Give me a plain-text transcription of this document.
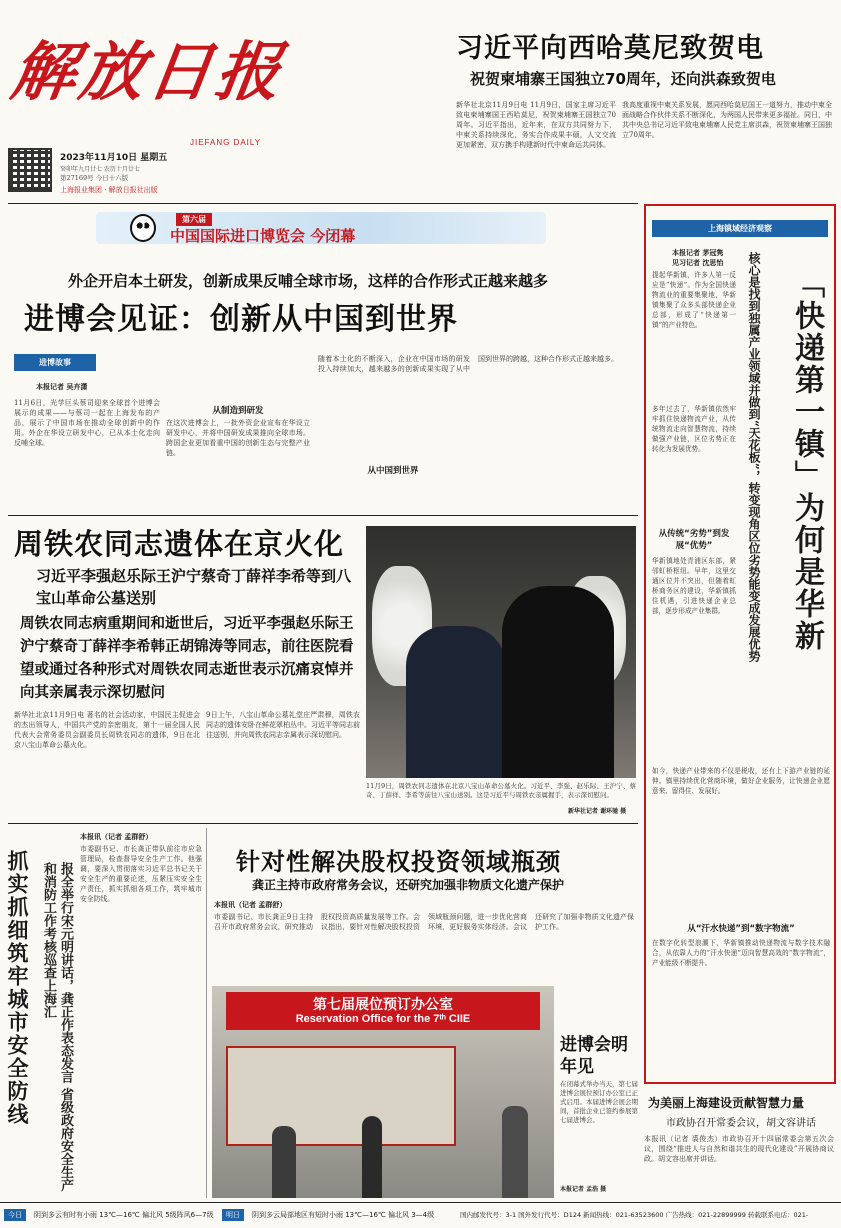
解放日报
JIEFANG DAILY
2023年11月10日 星期五
癸卯年九月廿七 农历十月廿七
第27169号 今日十六版
上海报业集团 · 解放日报社出版
习近平向西哈莫尼致贺电
祝贺柬埔寨王国独立70周年，还向洪森致贺电
新华社北京11月9日电 11月9日，国家主席习近平致电柬埔寨国王西哈莫尼，祝贺柬埔寨王国独立70周年。习近平指出，近年来，在双方共同努力下，中柬关系持续深化，务实合作成果丰硕，人文交流更加紧密，双方携手构建新时代中柬命运共同体。
我高度重视中柬关系发展，愿同西哈莫尼国王一道努力，推动中柬全面战略合作伙伴关系不断深化，为两国人民带来更多福祉。同日，中共中央总书记习近平致电柬埔寨人民党主席洪森，祝贺柬埔寨王国独立70周年。
第六届
中国国际进口博览会 今闭幕
外企开启本土研发，创新成果反哺全球市场，这样的合作形式正越来越多
进博会见证：创新从中国到世界
进博故事
本报记者 吴卉潇
11月6日，光学巨头蔡司迎来全球首个进博会展示的成果——与蔡司一起在上海发布的产品，展示了中国市场在推动全球创新中的作用。外企在华设立研发中心，已从本土化走向反哺全球。
从制造到研发
在这次进博会上，一批外资企业宣布在华设立研发中心，并将中国研发成果推向全球市场。跨国企业更加看重中国的创新生态与完整产业链。
随着本土化的不断深入，企业在中国市场的研发投入持续加大，越来越多的创新成果实现了从中国到世界的跨越，这种合作形式正越来越多。
从中国到世界
周铁农同志遗体在京火化
习近平李强赵乐际王沪宁蔡奇丁薛祥李希等到八宝山革命公墓送别
周铁农同志病重期间和逝世后，习近平李强赵乐际王沪宁蔡奇丁薛祥李希韩正胡锦涛等同志，前往医院看望或通过各种形式对周铁农同志逝世表示沉痛哀悼并向其亲属表示深切慰问
新华社北京11月9日电 著名的社会活动家，中国民主促进会的杰出领导人，中国共产党的亲密朋友，第十一届全国人民代表大会常务委员会副委员长周铁农同志的遗体，9日在北京八宝山革命公墓火化。
9日上午，八宝山革命公墓礼堂庄严肃穆，周铁农同志的遗体安卧在鲜花翠柏丛中。习近平等同志前往送别，并向周铁农同志亲属表示深切慰问。
11月9日，周铁农同志遗体在北京八宝山革命公墓火化。习近平、李强、赵乐际、王沪宁、蔡奇、丁薛祥、李希等前往八宝山送别。这是习近平与周铁农亲属握手，表示深切慰问。
新华社记者 谢环驰 摄
抓实抓细筑牢城市安全防线	报全举行宋元明讲话，龚正作表态发言 省级政府安全生产和消防工作考核巡查上海汇
本报讯（记者 孟群舒）
市委副书记、市长龚正带队前往市应急管理局，检查督导安全生产工作。他强调，要深入贯彻落实习近平总书记关于安全生产的重要论述，压紧压实安全生产责任，抓实抓细各项工作，筑牢城市安全防线。
针对性解决股权投资领域瓶颈
龚正主持市政府常务会议，还研究加强非物质文化遗产保护
本报讯（记者 孟群舒）
市委副书记、市长龚正9日主持召开市政府常务会议，研究推动股权投资高质量发展等工作。会议指出，要针对性解决股权投资领域瓶颈问题，进一步优化营商环境，更好服务实体经济。会议还研究了加强非物质文化遗产保护工作。
第七届展位预订办公室
Reservation Office for the 7ᵗʰ CIIE
进博会明年见
在闭幕式举办当天，第七届进博会展位预订办公室已正式启用。本届进博会展会期间，首批企业已签约参展第七届进博会。
本报记者 孟浩 摄
上海镇域经济观察
本报记者 茅冠隽
见习记者 沈思怡
提起华新镇，许多人第一反应是“快递”。作为全国快递物流业的重要集聚地，华新镇集聚了众多头部快递企业总部，形成了“快递第一镇”的产业特色。
多年过去了，华新镇依然牢牢抓住快递物流产业，从传统物流走向智慧物流，持续做强产业链，区位劣势正在转化为发展优势。	「快递第一镇」为何是华新
核心是找到独属产业领域并做到“天花板”，转变现角区位劣势能变成发展优势
从传统“劣势”到发展“优势”
华新镇地处青浦区东部，紧邻虹桥枢纽。早年，这里交通区位并不突出，但随着虹桥商务区的建设，华新镇抓住机遇，引进快递企业总部，逐步形成产业集群。
如今，快递产业带来的不仅是税收，还有上下游产业链的延伸。镇里持续优化营商环境，做好企业服务，让快递企业愿意来、留得住、发展好。
从“汗水快递”到“数字物流”
在数字化转型浪潮下，华新镇推动快递物流与数字技术融合，从依靠人力的“汗水快递”迈向智慧高效的“数字物流”，产业能级不断提升。
为美丽上海建设贡献智慧力量
市政协召开常委会议，胡文容讲话
本报讯（记者 裘俊杰）市政协召开十四届常委会第五次会议，围绕“推进人与自然和谐共生的现代化建设”开展协商议政。胡文容出席并讲话。
今日	阴到多云有时有小雨 13℃—16℃ 偏北风 5级阵风6—7级	明日	阴到多云局部地区有短时小雨 13℃—16℃ 偏北风 3—4级	国内邮发代号：3-1 国外发行代号：D124 新闻热线：021-63523600 广告热线：021-22899999 转载联系电话：021-
